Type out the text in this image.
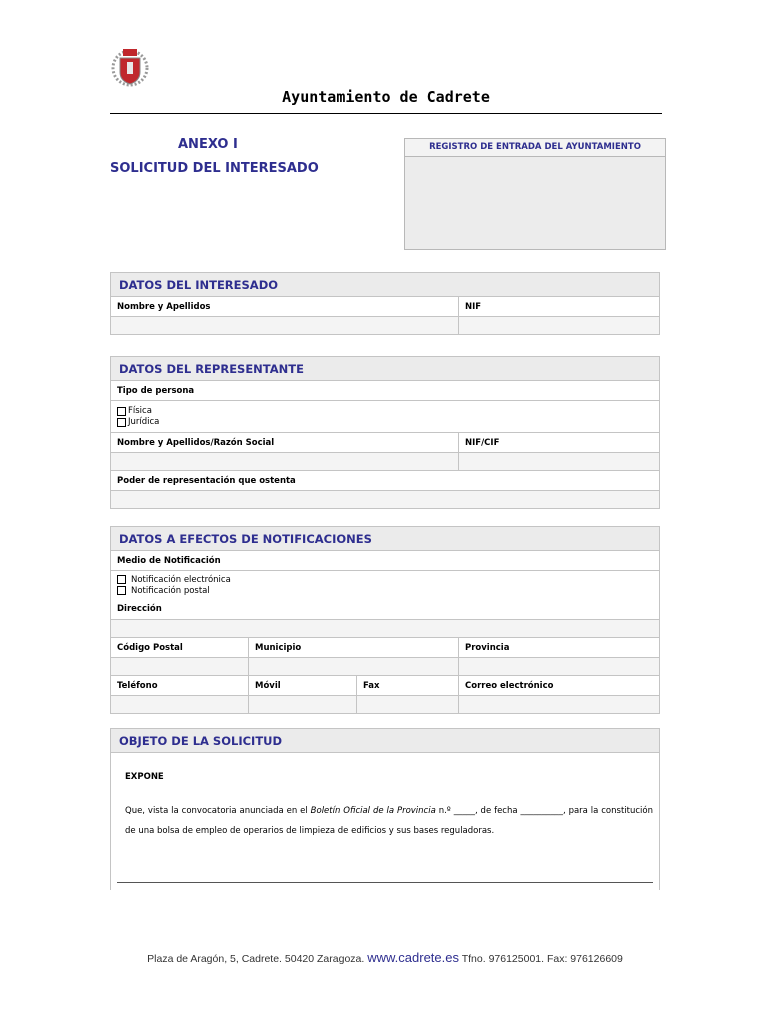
Ayuntamiento de Cadrete
ANEXO I
SOLICITUD DEL INTERESADO
REGISTRO DE ENTRADA DEL AYUNTAMIENTO
DATOS DEL INTERESADO
Nombre y Apellidos	NIF
DATOS DEL REPRESENTANTE
Tipo de persona
Física
Jurídica
Nombre y Apellidos/Razón Social	NIF/CIF
Poder de representación que ostenta
DATOS A EFECTOS DE NOTIFICACIONES
Medio de Notificación
Notificación electrónica
Notificación postal
Dirección
Código Postal	Municipio	Provincia
Teléfono	Móvil	Fax	Correo electrónico
OBJETO DE LA SOLICITUD
EXPONE
Que, vista la convocatoria anunciada en el Boletín Oficial de la Provincia n.º _____, de fecha __________, para la constitución de una bolsa de empleo de operarios de limpieza de edificios y sus bases reguladoras.
Plaza de Aragón, 5, Cadrete. 50420 Zaragoza. www.cadrete.es Tfno. 976125001. Fax: 976126609
